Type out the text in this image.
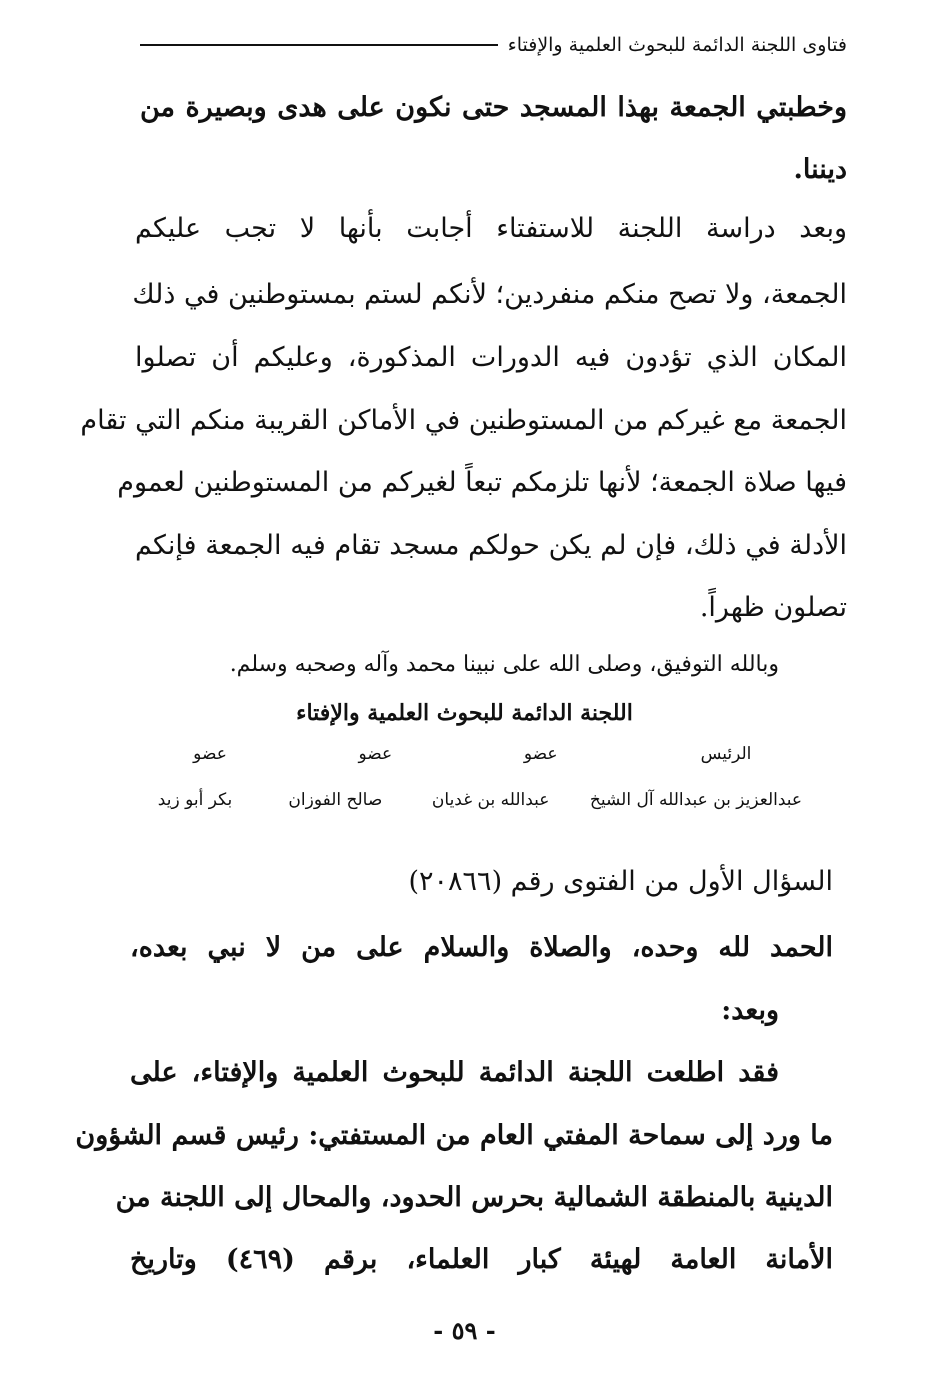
فتاوى اللجنة الدائمة للبحوث العلمية والإفتاء
وخطبتي الجمعة بهذا المسجد حتى نكون على هدى وبصيرة من
ديننا.
وبعد دراسة اللجنة للاستفتاء أجابت بأنها لا تجب عليكم
الجمعة، ولا تصح منكم منفردين؛ لأنكم لستم بمستوطنين في ذلك
المكان الذي تؤدون فيه الدورات المذكورة، وعليكم أن تصلوا
الجمعة مع غيركم من المستوطنين في الأماكن القريبة منكم التي تقام
فيها صلاة الجمعة؛ لأنها تلزمكم تبعاً لغيركم من المستوطنين لعموم
الأدلة في ذلك، فإن لم يكن حولكم مسجد تقام فيه الجمعة فإنكم
تصلون ظهراً.
وبالله التوفيق، وصلى الله على نبينا محمد وآله وصحبه وسلم.
اللجنة الدائمة للبحوث العلمية والإفتاء
الرئيس
عضو
عضو
عضو
عبدالعزيز بن عبدالله آل الشيخ
عبدالله بن غديان
صالح الفوزان
بكر أبو زيد
السؤال الأول من الفتوى رقم (٢٠٨٦٦)
الحمد لله وحده، والصلاة والسلام على من لا نبي بعده،
وبعد:
فقد اطلعت اللجنة الدائمة للبحوث العلمية والإفتاء، على
ما ورد إلى سماحة المفتي العام من المستفتي: رئيس قسم الشؤون
الدينية بالمنطقة الشمالية بحرس الحدود، والمحال إلى اللجنة من
الأمانة العامة لهيئة كبار العلماء، برقم (٤٦٩) وتاريخ
- ٥٩ -
